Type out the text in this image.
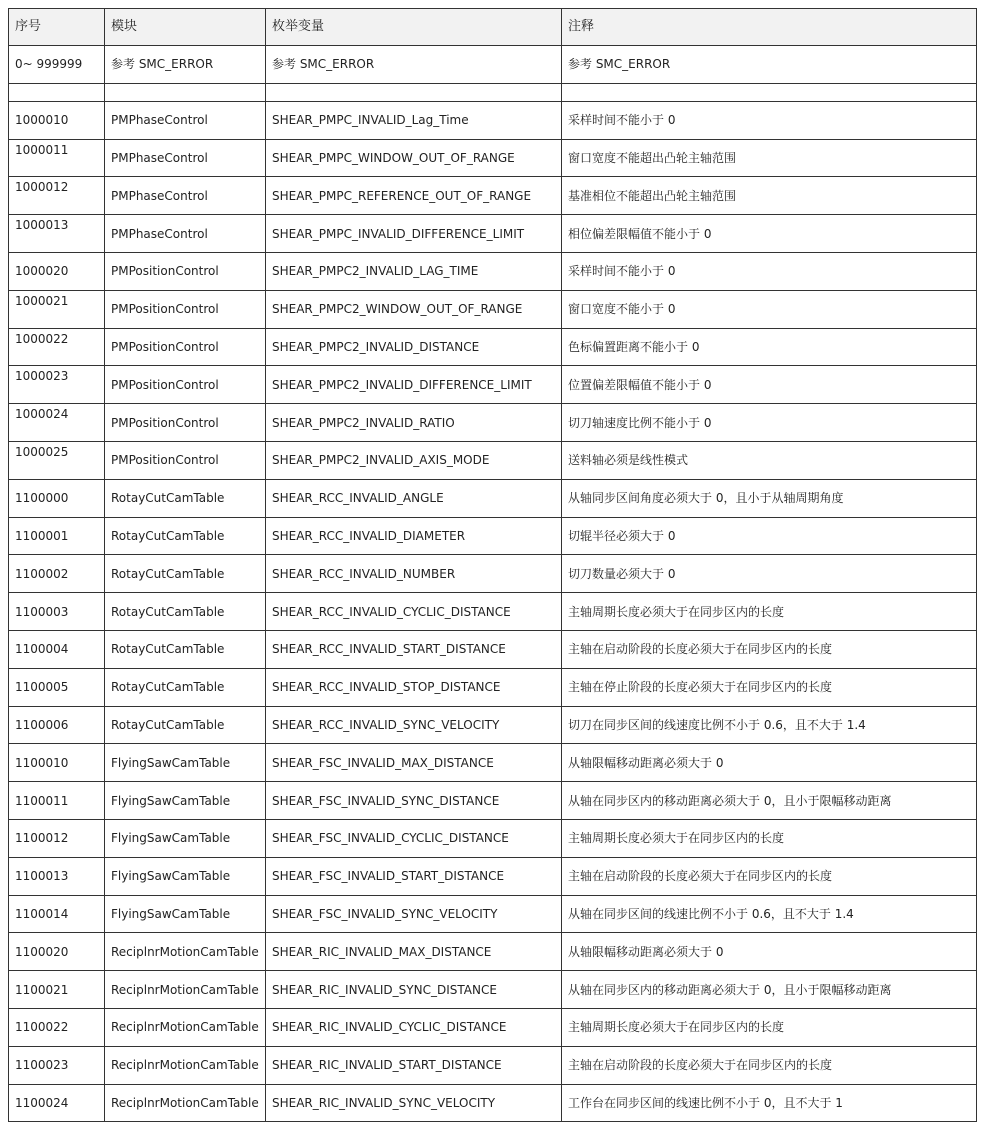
序号	模块	枚举变量	注释
0~ 999999	参考 SMC_ERROR	参考 SMC_ERROR	参考 SMC_ERROR

1000010	PMPhaseControl	SHEAR_PMPC_INVALID_Lag_Time	采样时间不能小于 0
1000011	PMPhaseControl	SHEAR_PMPC_WINDOW_OUT_OF_RANGE	窗口宽度不能超出凸轮主轴范围
1000012	PMPhaseControl	SHEAR_PMPC_REFERENCE_OUT_OF_RANGE	基准相位不能超出凸轮主轴范围
1000013	PMPhaseControl	SHEAR_PMPC_INVALID_DIFFERENCE_LIMIT	相位偏差限幅值不能小于 0
1000020	PMPositionControl	SHEAR_PMPC2_INVALID_LAG_TIME	采样时间不能小于 0
1000021	PMPositionControl	SHEAR_PMPC2_WINDOW_OUT_OF_RANGE	窗口宽度不能小于 0
1000022	PMPositionControl	SHEAR_PMPC2_INVALID_DISTANCE	色标偏置距离不能小于 0
1000023	PMPositionControl	SHEAR_PMPC2_INVALID_DIFFERENCE_LIMIT	位置偏差限幅值不能小于 0
1000024	PMPositionControl	SHEAR_PMPC2_INVALID_RATIO	切刀轴速度比例不能小于 0
1000025	PMPositionControl	SHEAR_PMPC2_INVALID_AXIS_MODE	送料轴必须是线性模式
1100000	RotayCutCamTable	SHEAR_RCC_INVALID_ANGLE	从轴同步区间角度必须大于 0，且小于从轴周期角度
1100001	RotayCutCamTable	SHEAR_RCC_INVALID_DIAMETER	切辊半径必须大于 0
1100002	RotayCutCamTable	SHEAR_RCC_INVALID_NUMBER	切刀数量必须大于 0
1100003	RotayCutCamTable	SHEAR_RCC_INVALID_CYCLIC_DISTANCE	主轴周期长度必须大于在同步区内的长度
1100004	RotayCutCamTable	SHEAR_RCC_INVALID_START_DISTANCE	主轴在启动阶段的长度必须大于在同步区内的长度
1100005	RotayCutCamTable	SHEAR_RCC_INVALID_STOP_DISTANCE	主轴在停止阶段的长度必须大于在同步区内的长度
1100006	RotayCutCamTable	SHEAR_RCC_INVALID_SYNC_VELOCITY	切刀在同步区间的线速度比例不小于 0.6，且不大于 1.4
1100010	FlyingSawCamTable	SHEAR_FSC_INVALID_MAX_DISTANCE	从轴限幅移动距离必须大于 0
1100011	FlyingSawCamTable	SHEAR_FSC_INVALID_SYNC_DISTANCE	从轴在同步区内的移动距离必须大于 0，且小于限幅移动距离
1100012	FlyingSawCamTable	SHEAR_FSC_INVALID_CYCLIC_DISTANCE	主轴周期长度必须大于在同步区内的长度
1100013	FlyingSawCamTable	SHEAR_FSC_INVALID_START_DISTANCE	主轴在启动阶段的长度必须大于在同步区内的长度
1100014	FlyingSawCamTable	SHEAR_FSC_INVALID_SYNC_VELOCITY	从轴在同步区间的线速比例不小于 0.6，且不大于 1.4
1100020	ReciplnrMotionCamTable	SHEAR_RIC_INVALID_MAX_DISTANCE	从轴限幅移动距离必须大于 0
1100021	ReciplnrMotionCamTable	SHEAR_RIC_INVALID_SYNC_DISTANCE	从轴在同步区内的移动距离必须大于 0，且小于限幅移动距离
1100022	ReciplnrMotionCamTable	SHEAR_RIC_INVALID_CYCLIC_DISTANCE	主轴周期长度必须大于在同步区内的长度
1100023	ReciplnrMotionCamTable	SHEAR_RIC_INVALID_START_DISTANCE	主轴在启动阶段的长度必须大于在同步区内的长度
1100024	ReciplnrMotionCamTable	SHEAR_RIC_INVALID_SYNC_VELOCITY	工作台在同步区间的线速比例不小于 0，且不大于 1
